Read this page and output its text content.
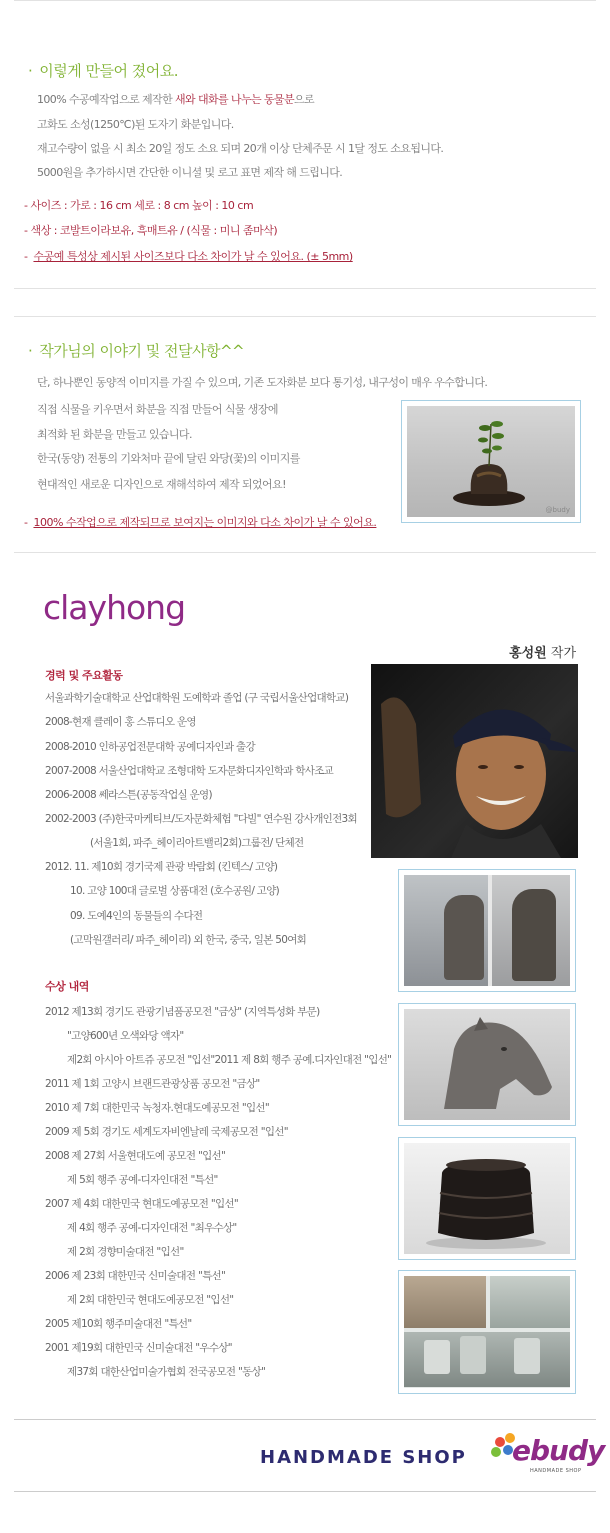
· 이렇게 만들어 졌어요.
100% 수공예작업으로 제작한 새와 대화를 나누는 동물분으로
고화도 소성(1250℃)된 도자기 화분입니다.
재고수량이 없을 시 최소 20일 정도 소요 되며 20개 이상 단체주문 시 1달 정도 소요됩니다.
5000원을 추가하시면 간단한 이니셜 및 로고 표면 제작 해 드립니다.
- 사이즈 : 가로 : 16 cm 세로 : 8 cm 높이 : 10 cm
- 색상 : 코발트이라보유, 흑매트유 / (식물 : 미니 좀마삭)
-  수공예 특성상 제시된 사이즈보다 다소 차이가 날 수 있어요. (± 5mm)
· 작가님의 이야기 및 전달사항^^
단, 하나뿐인 동양적 이미지를 가질 수 있으며, 기존 도자화분 보다 통기성, 내구성이 매우 우수합니다.
직접 식물을 키우면서 화분을 직접 만들어 식물 생장에
최적화 된 화분을 만들고 있습니다.
한국(동양) 전통의 기와처마 끝에 달린 와당(꽃)의 이미지를
현대적인 새로운 디자인으로 재해석하여 제작 되었어요!
-  100% 수작업으로 제작되므로 보여지는 이미지와 다소 차이가 날 수 있어요.
@budy
clayhong
홍성원 작가
경력 및 주요활동
서울과학기술대학교 산업대학원 도예학과 졸업 (구 국립서울산업대학교)
2008-현재 클레이 홍 스튜디오 운영
2008-2010 인하공업전문대학 공예디자인과 출강
2007-2008 서울산업대학교 조형대학 도자문화디자인학과 학사조교
2006-2008 쎄라스튼(공동작업실 운영)
2002-2003 (주)한국마케티브/도자문화체험 "다빌" 연수원 강사개인전3회
(서울1회, 파주_헤이리아트밸리2회)그룹전/ 단체전
2012. 11. 제10회 경기국제 관광 박람회 (킨텍스/ 고양)
10. 고양 100대 글로벌 상품대전 (호수공원/ 고양)
09. 도예4인의 동물들의 수다전
(고막원갤러리/ 파주_헤이리) 외 한국, 중국, 일본 50여회
수상 내역
2012 제13회 경기도 관광기념품공모전 "금상" (지역특성화 부문)
"고양600년 오색와당 액자"
제2회 아시아 아트쥬 공모전 "입선"2011 제 8회 행주 공예.디자인대전 "입선"
2011 제 1회 고양시 브랜드관광상품 공모전 "금상"
2010 제 7회 대한민국 녹청자.현대도예공모전 "입선"
2009 제 5회 경기도 세계도자비엔날레 국제공모전 "입선"
2008 제 27회 서울현대도예 공모전 "입선"
제 5회 행주 공예-디자인대전 "특선"
2007 제 4회 대한민국 현대도예공모전 "입선"
제 4회 행주 공예-디자인대전 "최우수상"
제 2회 경향미술대전 "입선"
2006 제 23회 대한민국 신미술대전 "특선"
제 2회 대한민국 현대도예공모전 "입선"
2005 제10회 행주미술대전 "특선"
2001 제19회 대한민국 신미술대전 "우수상"
제37회 대한산업미술가협회 전국공모전 "동상"
HANDMADE SHOP ebudy
HANDMADE SHOP
